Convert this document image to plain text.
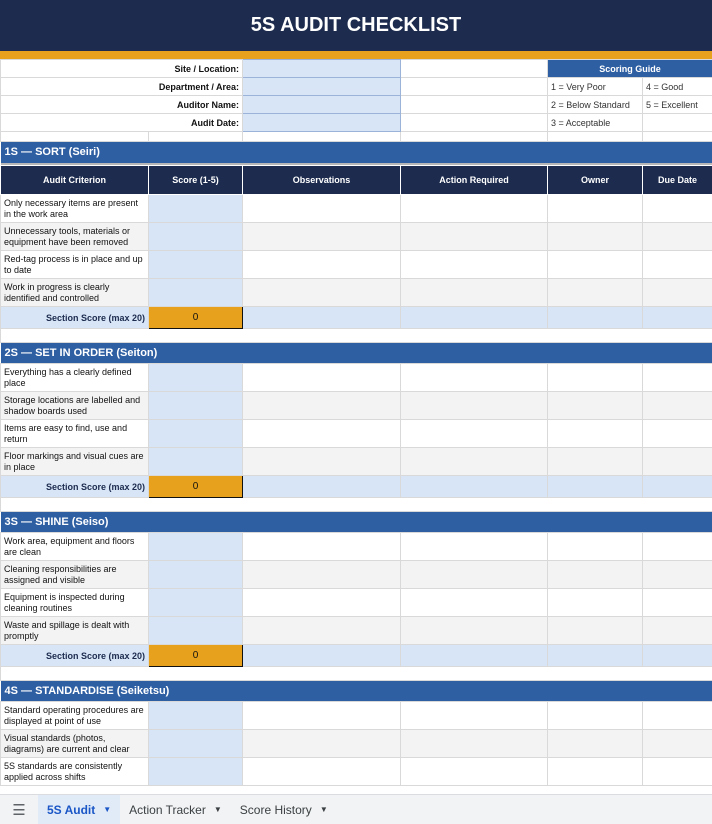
5S AUDIT CHECKLIST
Site / Location:				Scoring Guide	
Department / Area:				1 = Very Poor	4 = Good
Auditor Name:				2 = Below Standard	5 = Excellent
Audit Date:				3 = Acceptable	

1S — SORT (Seiri)					

Audit Criterion	Score (1-5)	Observations	Action Required	Owner	Due Date
Only necessary items are present in the work area					
Unnecessary tools, materials or equipment have been removed					
Red-tag process is in place and up to date					
Work in progress is clearly identified and controlled					
Section Score (max 20)	0				

2S — SET IN ORDER (Seiton)					
Everything has a clearly defined place					
Storage locations are labelled and shadow boards used					
Items are easy to find, use and return					
Floor markings and visual cues are in place					
Section Score (max 20)	0				

3S — SHINE (Seiso)					
Work area, equipment and floors are clean					
Cleaning responsibilities are assigned and visible					
Equipment is inspected during cleaning routines					
Waste and spillage is dealt with promptly					
Section Score (max 20)	0				

4S — STANDARDISE (Seiketsu)					
Standard operating procedures are displayed at point of use					
Visual standards (photos, diagrams) are current and clear					
5S standards are consistently applied across shifts					
☰	5S Audit ▼ Action Tracker ▼ Score History ▼
